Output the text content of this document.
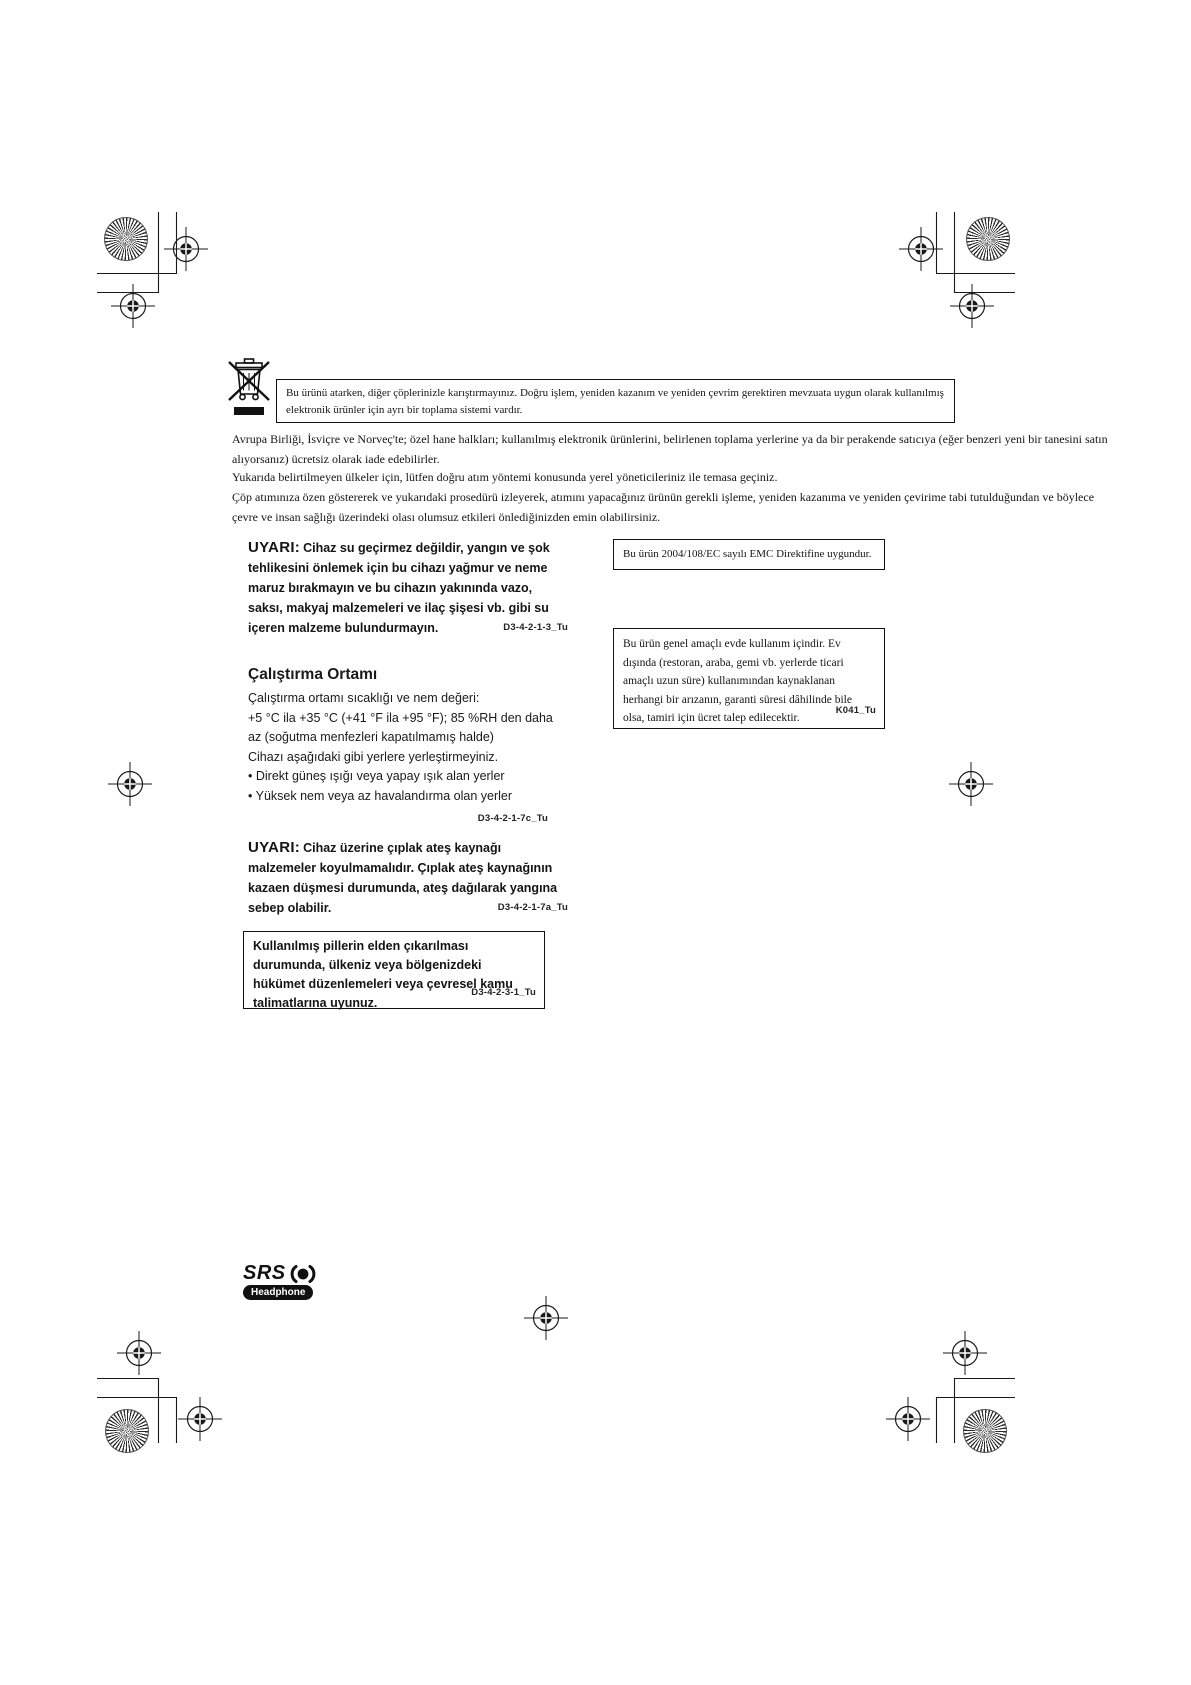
Bu ürünü atarken, diğer çöplerinizle karıştırmayınız. Doğru işlem, yeniden kazanım ve yeniden çevrim gerektiren mevzuata uygun olarak kullanılmış elektronik ürünler için ayrı bir toplama sistemi vardır.
Avrupa Birliği, İsviçre ve Norveç'te; özel hane halkları; kullanılmış elektronik ürünlerini, belirlenen toplama yerlerine ya da bir perakende satıcıya (eğer benzeri yeni bir tanesini satın alıyorsanız) ücretsiz olarak iade edebilirler.
Yukarıda belirtilmeyen ülkeler için, lütfen doğru atım yöntemi konusunda yerel yöneticileriniz ile temasa geçiniz.
Çöp atımınıza özen göstererek ve yukarıdaki prosedürü izleyerek, atımını yapacağınız ürünün gerekli işleme, yeniden kazanıma ve yeniden çevirime tabi tutulduğundan ve böylece çevre ve insan sağlığı üzerindeki olası olumsuz etkileri önlediğinizden emin olabilirsiniz.
UYARI: Cihaz su geçirmez değildir, yangın ve şok tehlikesini önlemek için bu cihazı yağmur ve neme maruz bırakmayın ve bu cihazın yakınında vazo, saksı, makyaj malzemeleri ve ilaç şişesi vb. gibi su içeren malzeme bulundurmayın.	D3-4-2-1-3_Tu
Bu ürün 2004/108/EC sayılı EMC Direktifine uygundur.
Çalıştırma Ortamı
Çalıştırma ortamı sıcaklığı ve nem değeri:
+5 °C ila +35 °C (+41 °F ila +95 °F); 85 %RH den daha
az (soğutma menfezleri kapatılmamış halde)
Cihazı aşağıdaki gibi yerlere yerleştirmeyiniz.
• Direkt güneş ışığı veya yapay ışık alan yerler
• Yüksek nem veya az havalandırma olan yerler
D3-4-2-1-7c_Tu
Bu ürün genel amaçlı evde kullanım içindir. Ev dışında (restoran, araba, gemi vb. yerlerde ticari amaçlı uzun süre) kullanımından kaynaklanan herhangi bir arızanın, garanti süresi dâhilinde bile olsa, tamiri için ücret talep edilecektir.
K041_Tu
UYARI: Cihaz üzerine çıplak ateş kaynağı malzemeler koyulmamalıdır. Çıplak ateş kaynağının kazaen düşmesi durumunda, ateş dağılarak yangına sebep olabilir.	D3-4-2-1-7a_Tu
Kullanılmış pillerin elden çıkarılması durumunda, ülkeniz veya bölgenizdeki hükümet düzenlemeleri veya çevresel kamu talimatlarına uyunuz.
D3-4-2-3-1_Tu
SRS
Headphone
